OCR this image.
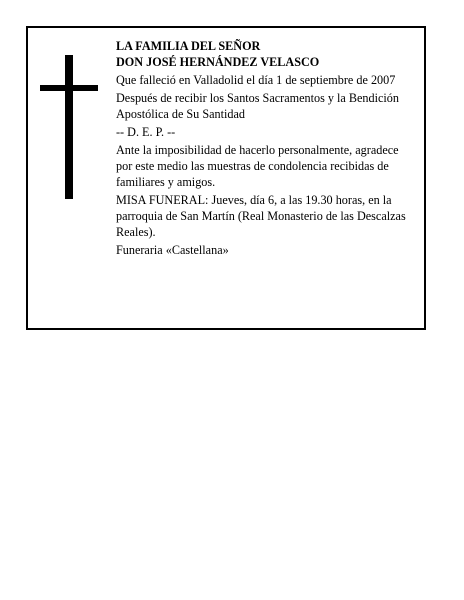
LA FAMILIA DEL SEÑOR

DON JOSÉ HERNÁNDEZ VELASCO

Que falleció en Valladolid el día 1 de septiembre de 2007

Después de recibir los Santos Sacramentos y la Bendición Apostólica de Su Santidad

-- D. E. P. --

Ante la imposibilidad de hacerlo personalmente, agradece por este medio las muestras de condolencia recibidas de familiares y amigos.

MISA FUNERAL: Jueves, día 6, a las 19.30 horas, en la parroquia de San Martín (Real Monasterio de las Descalzas Reales).

Funeraria «Castellana»
